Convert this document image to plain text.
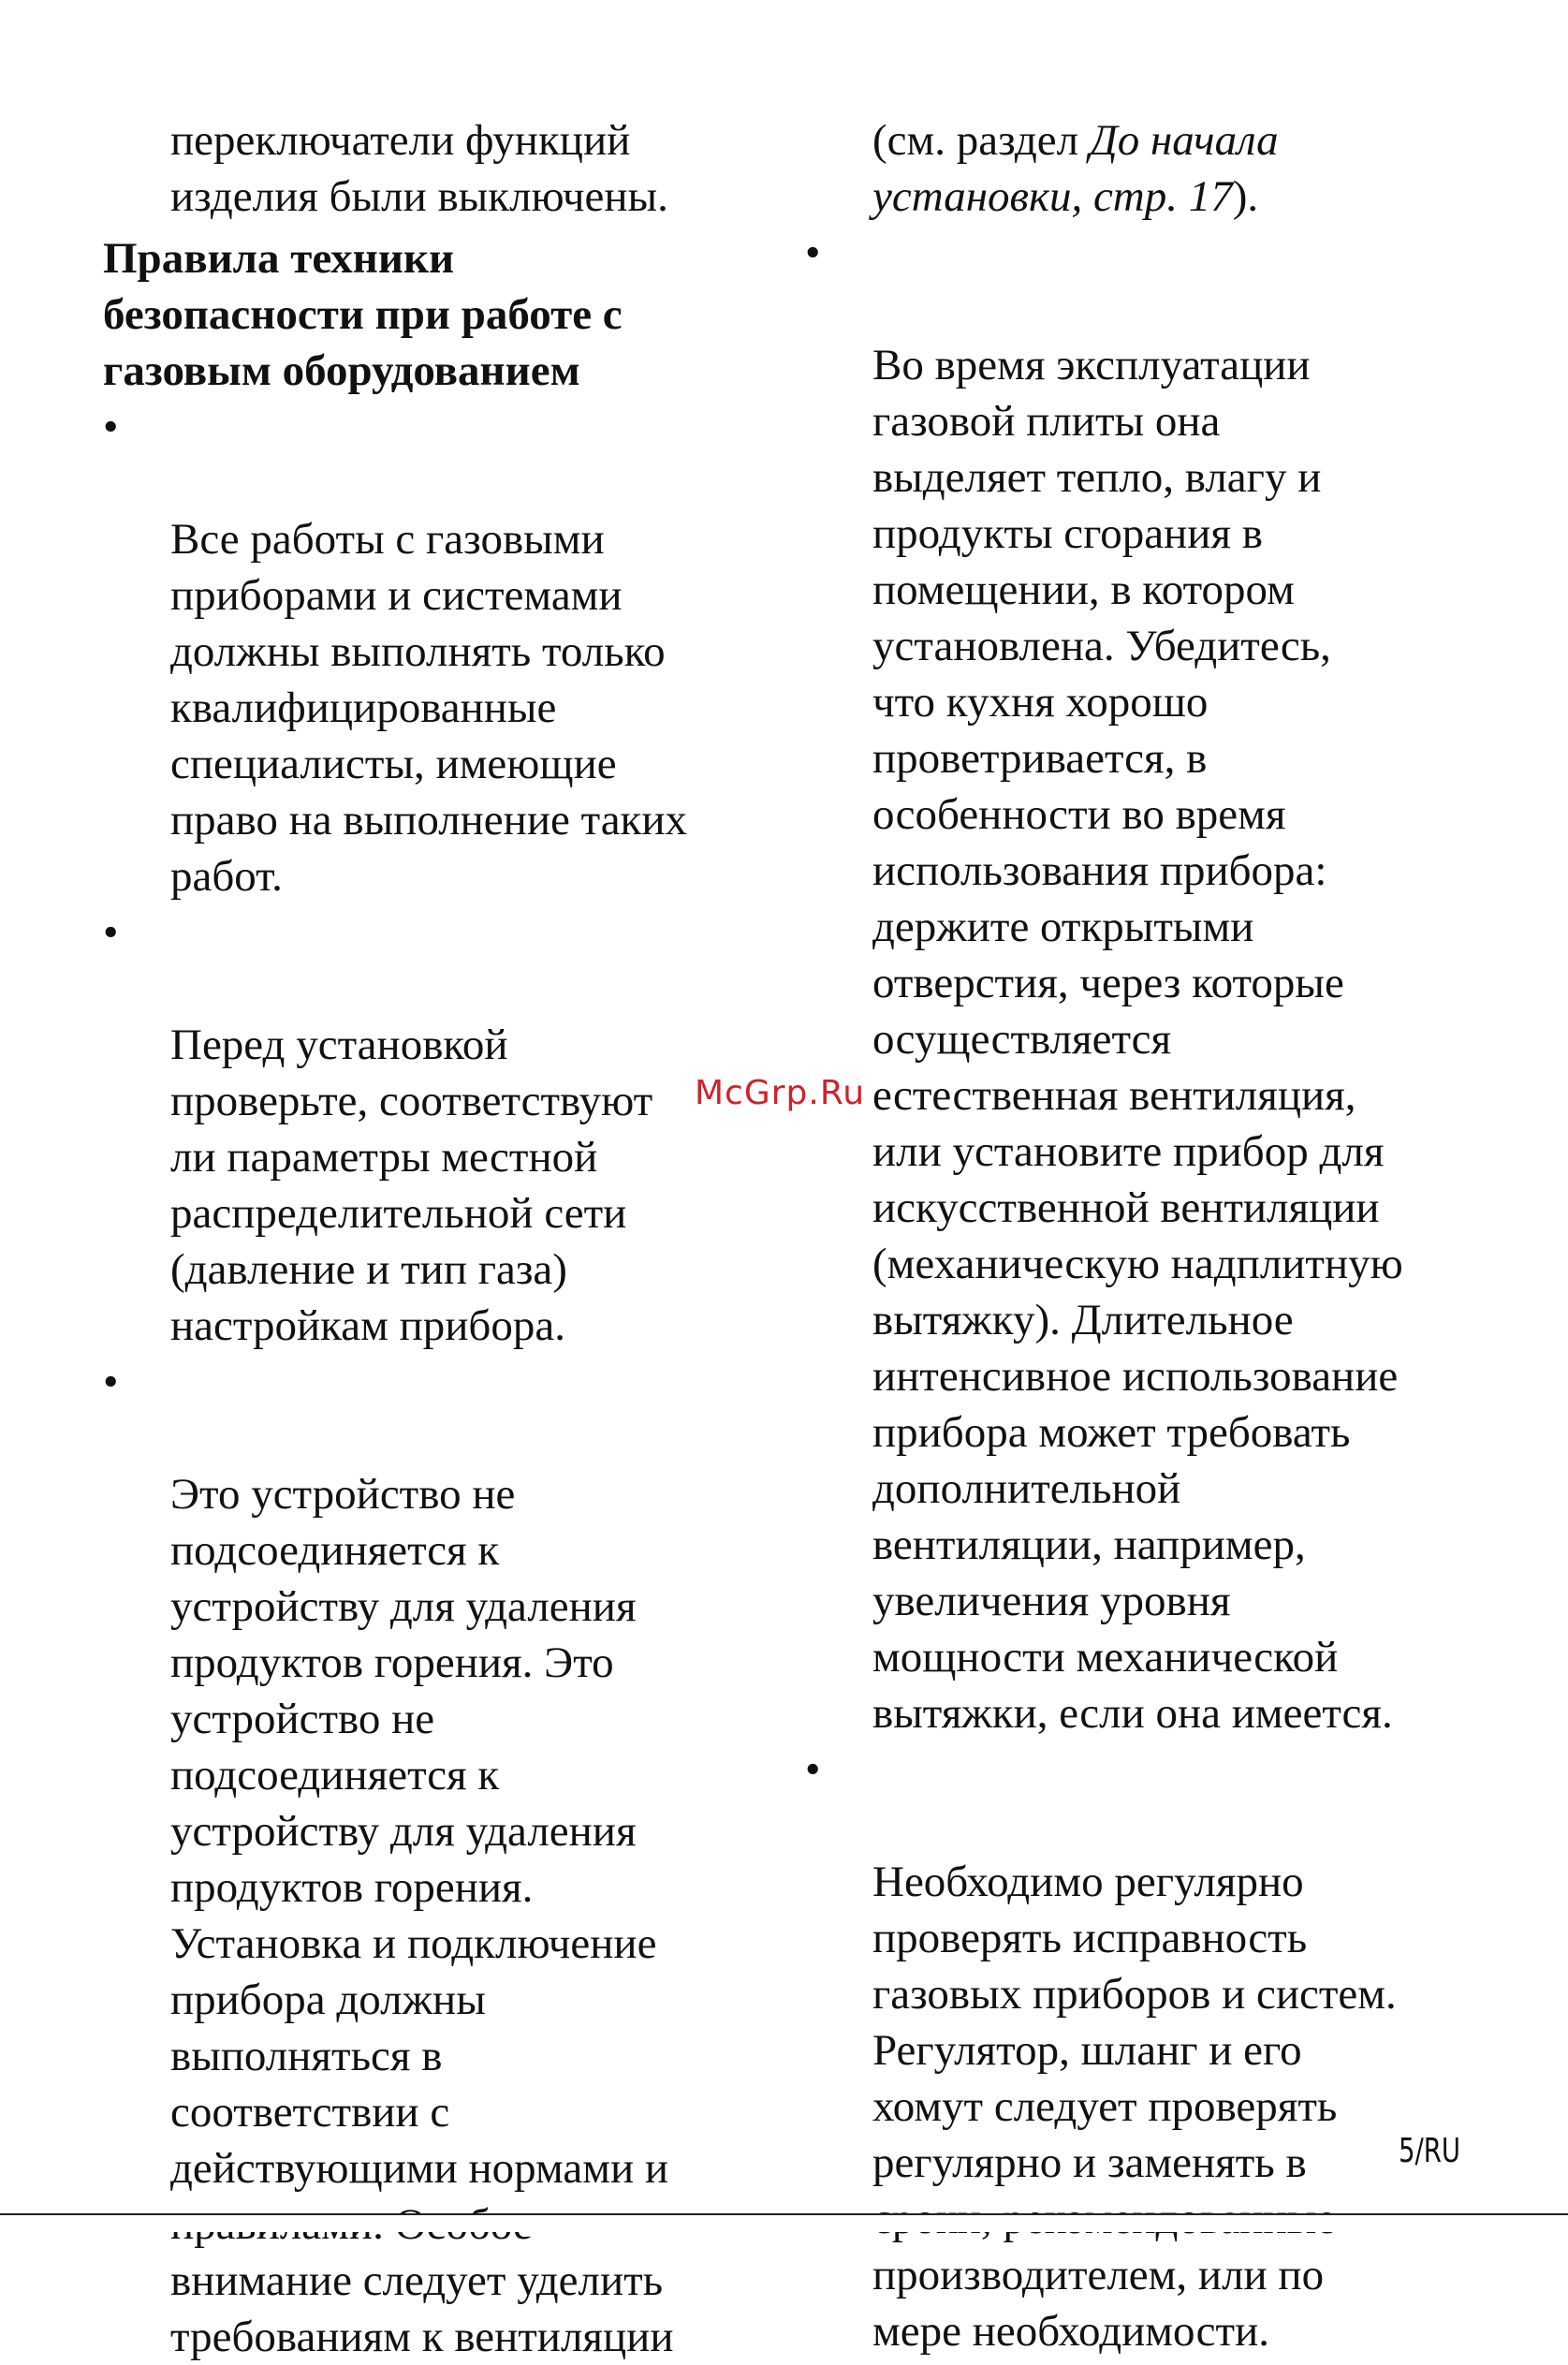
переключатели функций
изделия были выключены.
Правила техники
безопасности при работе с
газовым оборудованием

•

Все работы с газовыми
приборами и системами
должны выполнять только
квалифицированные
специалисты, имеющие
право на выполнение таких
работ.

•

Перед установкой
проверьте, соответствуют
ли параметры местной
распределительной сети
(давление и тип газа)
настройкам прибора.

•

Это устройство не
подсоединяется к
устройству для удаления
продуктов горения. Это
устройство не
подсоединяется к
устройству для удаления
продуктов горения.
Установка и подключение
прибора должны
выполняться в
соответствии с
действующими нормами и

внимание следует уделить
требованиям к вентиляции

(см. раздел До начала
установки, стр. 17).

•

Во время эксплуатации
газовой плиты она
выделяет тепло, влагу и
продукты сгорания в
помещении, в котором
установлена. Убедитесь,
что кухня хорошо
проветривается, в
особенности во время
использования прибора:
держите открытыми
отверстия, через которые
осуществляется
естественная вентиляция,
или установите прибор для
искусственной вентиляции
(механическую надплитную
вытяжку). Длительное
интенсивное использование
прибора может требовать
дополнительной
вентиляции, например,
увеличения уровня
мощности механической
вытяжки, если она имеется.

•

Необходимо регулярно
проверять исправность
газовых приборов и систем.
Регулятор, шланг и его
хомут следует проверять
регулярно и заменять в

производителем, или по
мере необходимости.

McGrp.Ru
5/RU
